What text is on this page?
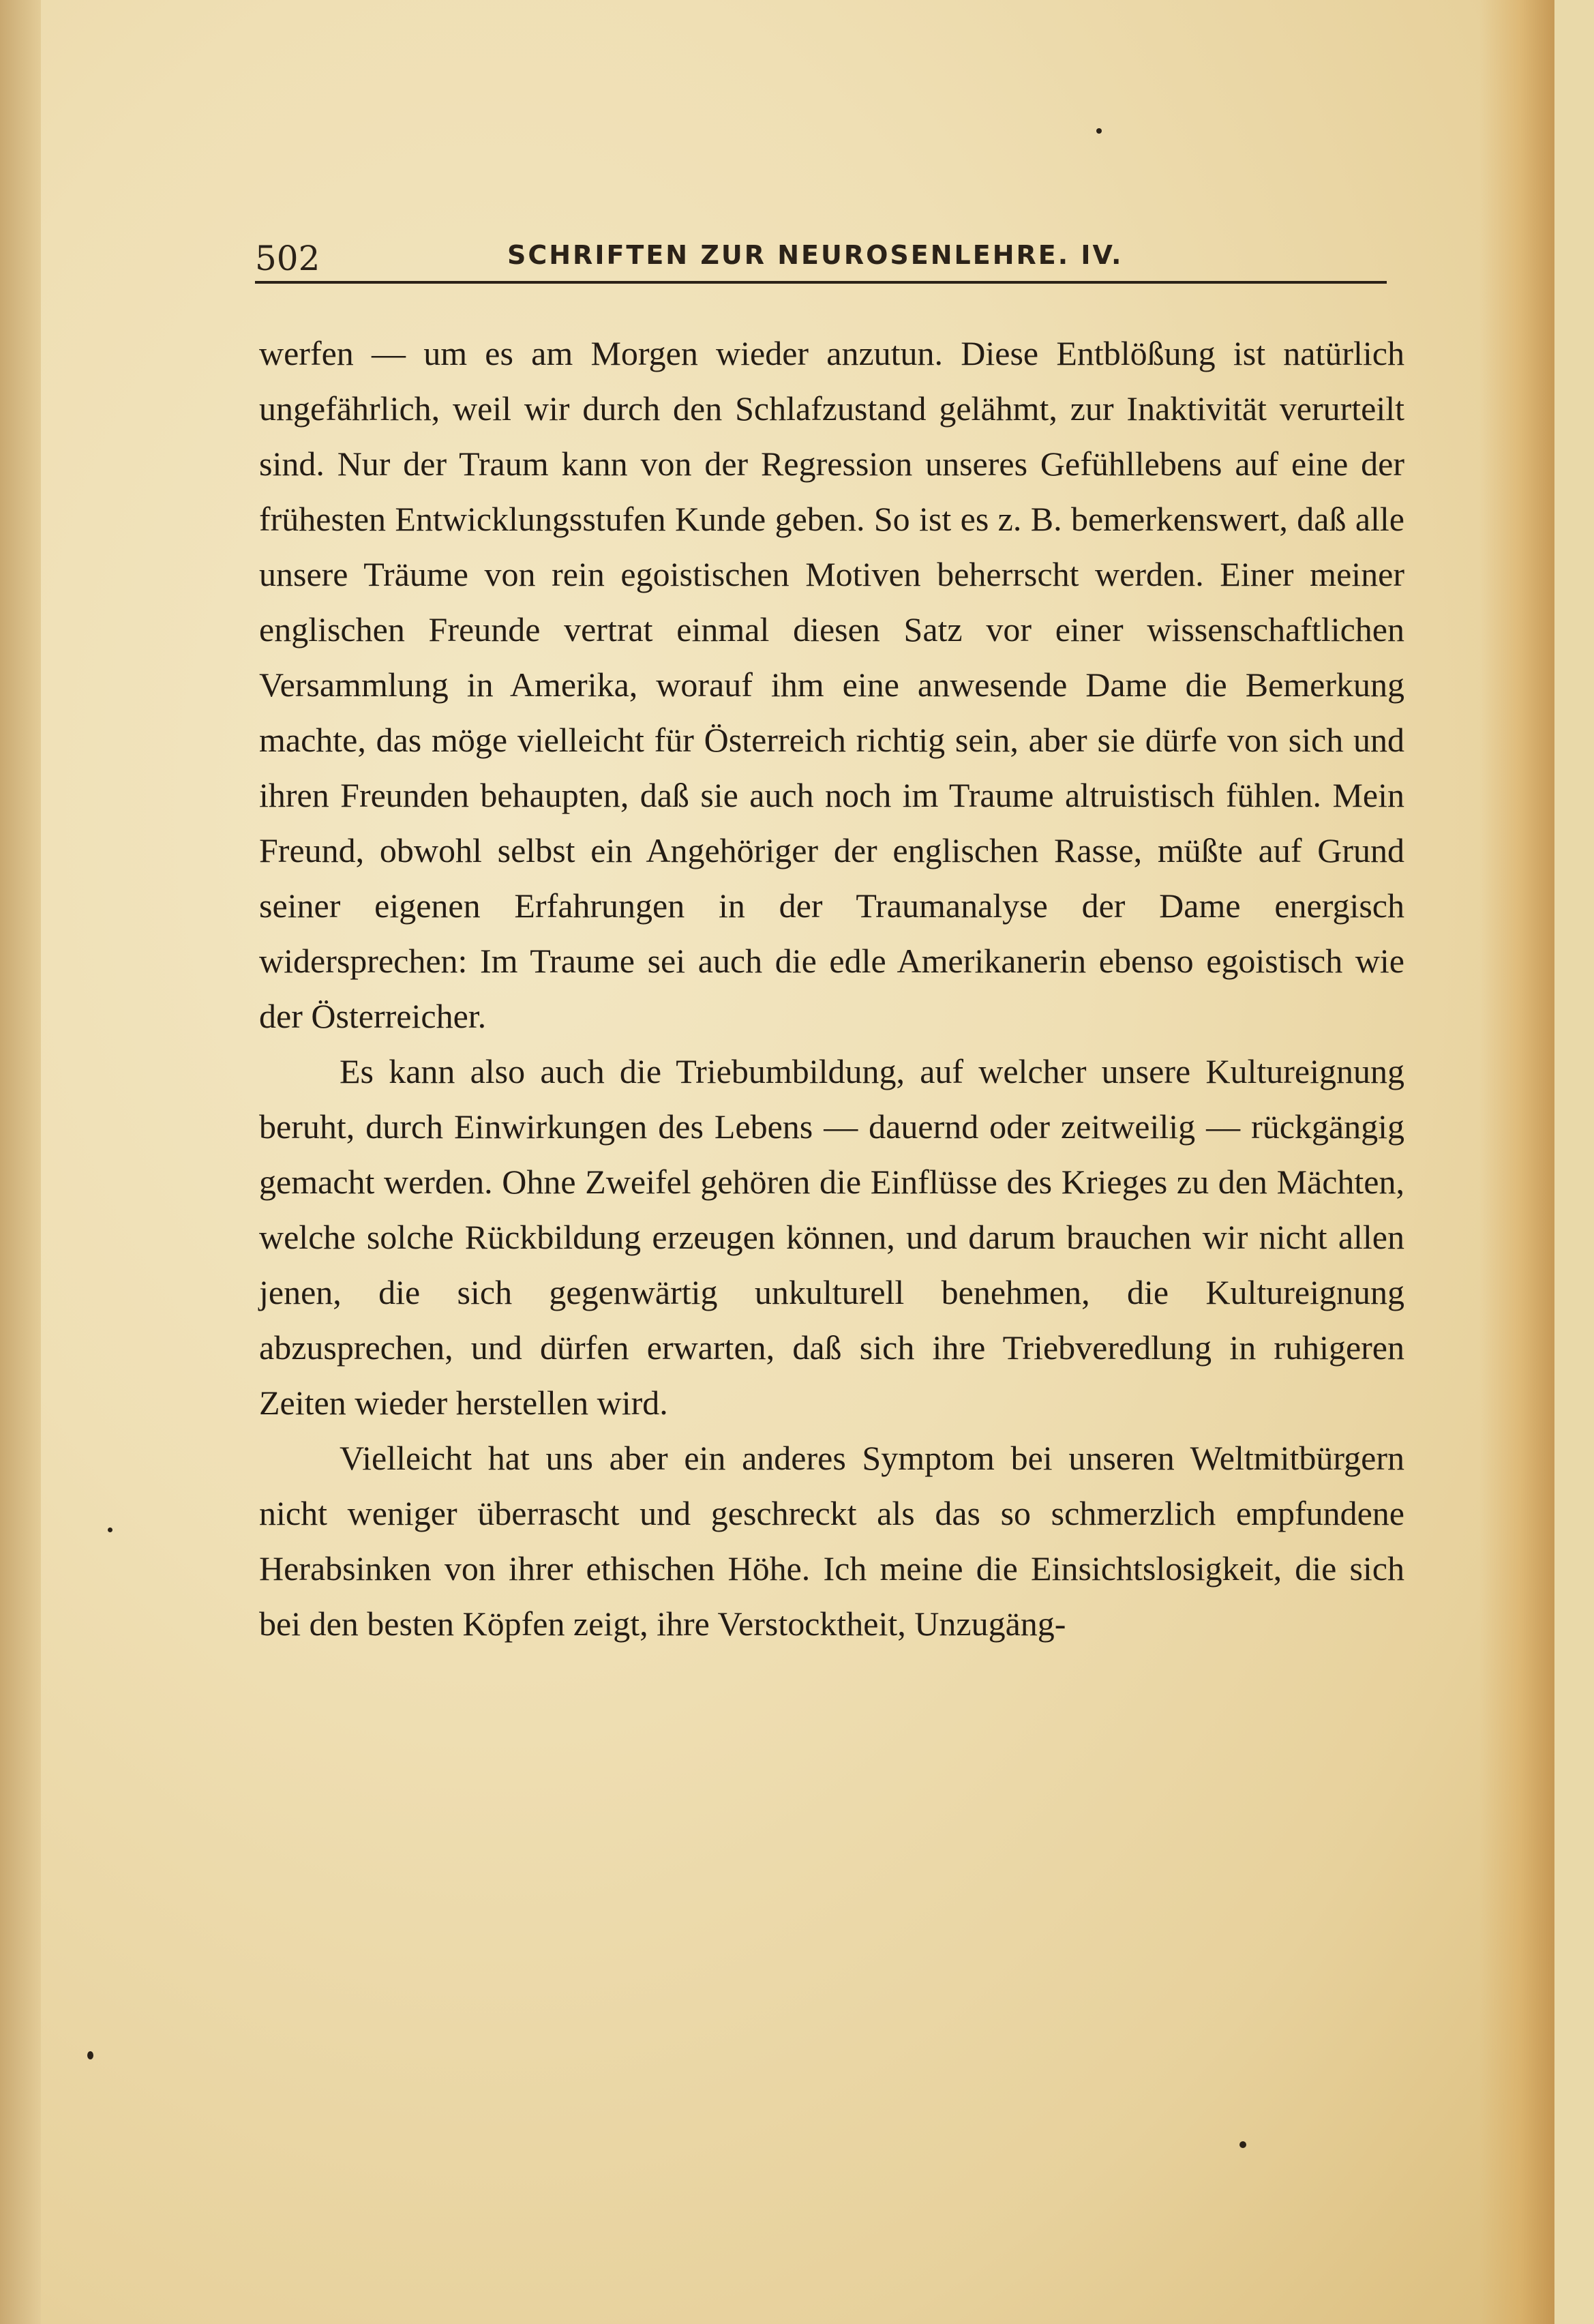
502	SCHRIFTEN ZUR NEUROSENLEHRE. IV.

werfen — um es am Morgen wieder anzutun. Diese Entblößung ist natürlich ungefährlich, weil wir durch den Schlafzustand gelähmt, zur Inaktivität verurteilt sind. Nur der Traum kann von der Regression unseres Gefühllebens auf eine der frühesten Entwicklungsstufen Kunde geben. So ist es z. B. bemerkenswert, daß alle unsere Träume von rein egoistischen Motiven beherrscht werden. Einer meiner englischen Freunde vertrat einmal diesen Satz vor einer wissenschaftlichen Versammlung in Amerika, worauf ihm eine anwesende Dame die Bemerkung machte, das möge vielleicht für Österreich richtig sein, aber sie dürfe von sich und ihren Freunden behaupten, daß sie auch noch im Traume altruistisch fühlen. Mein Freund, obwohl selbst ein Angehöriger der englischen Rasse, müßte auf Grund seiner eigenen Erfahrungen in der Traumanalyse der Dame energisch widersprechen: Im Traume sei auch die edle Amerikanerin ebenso egoistisch wie der Österreicher.

Es kann also auch die Triebumbildung, auf welcher unsere Kultureignung beruht, durch Einwirkungen des Lebens — dauernd oder zeitweilig — rückgängig gemacht werden. Ohne Zweifel gehören die Einflüsse des Krieges zu den Mächten, welche solche Rückbildung erzeugen können, und darum brauchen wir nicht allen jenen, die sich gegenwärtig unkulturell benehmen, die Kultureignung abzusprechen, und dürfen erwarten, daß sich ihre Triebveredlung in ruhigeren Zeiten wieder herstellen wird.

Vielleicht hat uns aber ein anderes Symptom bei unseren Weltmitbürgern nicht weniger überrascht und geschreckt als das so schmerzlich empfundene Herabsinken von ihrer ethischen Höhe. Ich meine die Einsichtslosigkeit, die sich bei den besten Köpfen zeigt, ihre Verstocktheit, Unzugäng-
